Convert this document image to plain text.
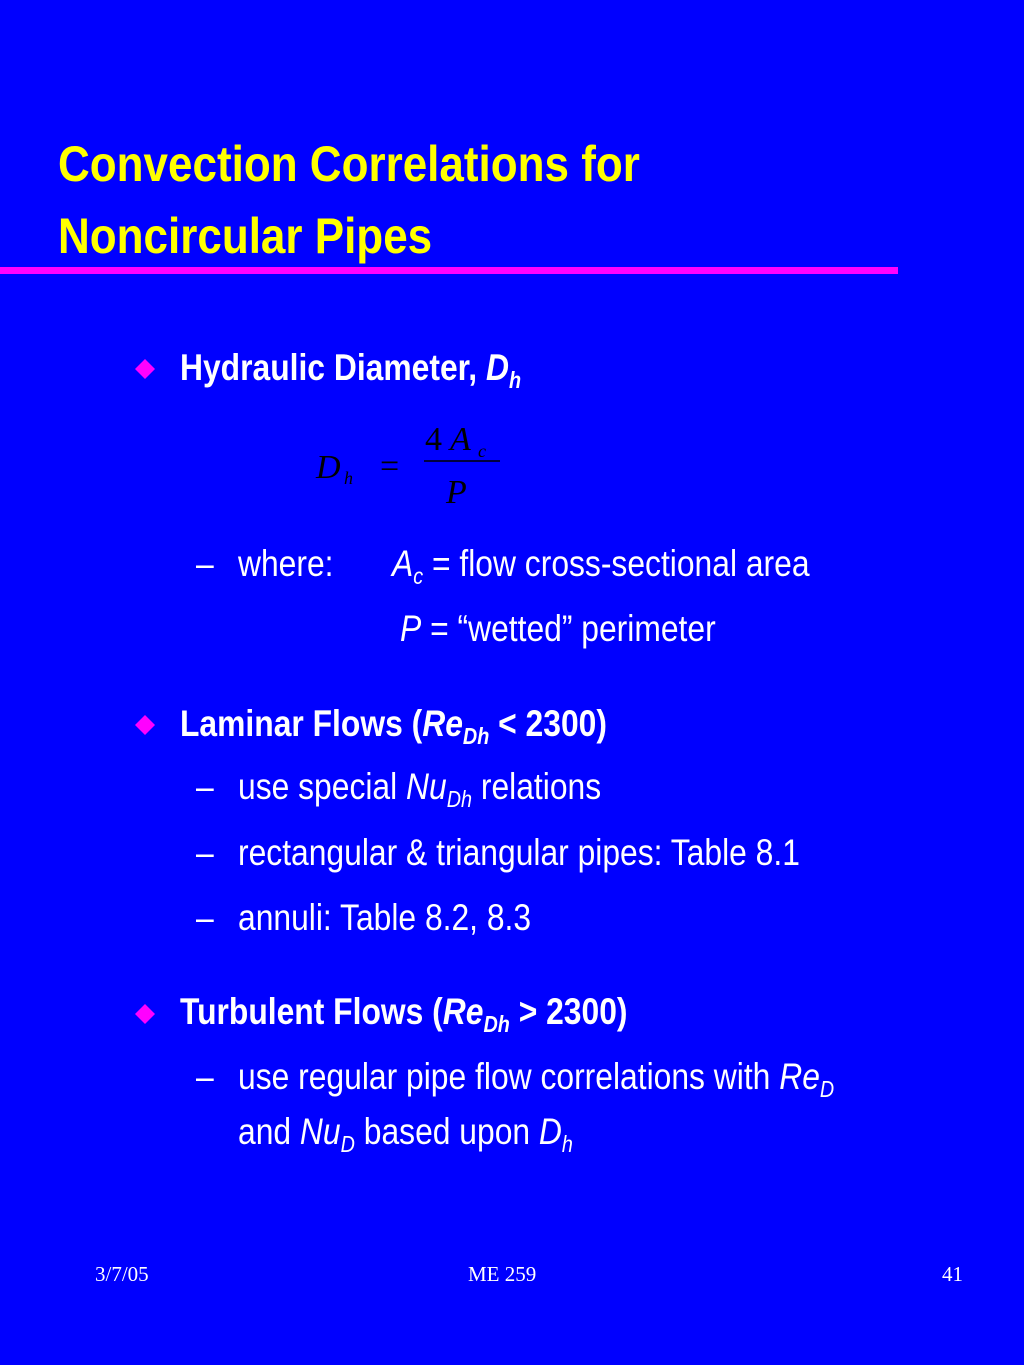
Convection Correlations for
Noncircular Pipes
Hydraulic Diameter, $D_h$
D h =
4 A c
P
– where: $A_c$ = flow cross-sectional area
P = “wetted” perimeter
Laminar Flows $(Re_{Dh} < 2300)$
– use special $Nu_{Dh}$ relations
– rectangular & triangular pipes: Table 8.1
– annuli: Table 8.2, 8.3
Turbulent Flows $(Re_{Dh} > 2300)$
– use regular pipe flow correlations with $Re_D$
and $Nu_D$ based upon $D_h$
3/7/05	ME 259	41
